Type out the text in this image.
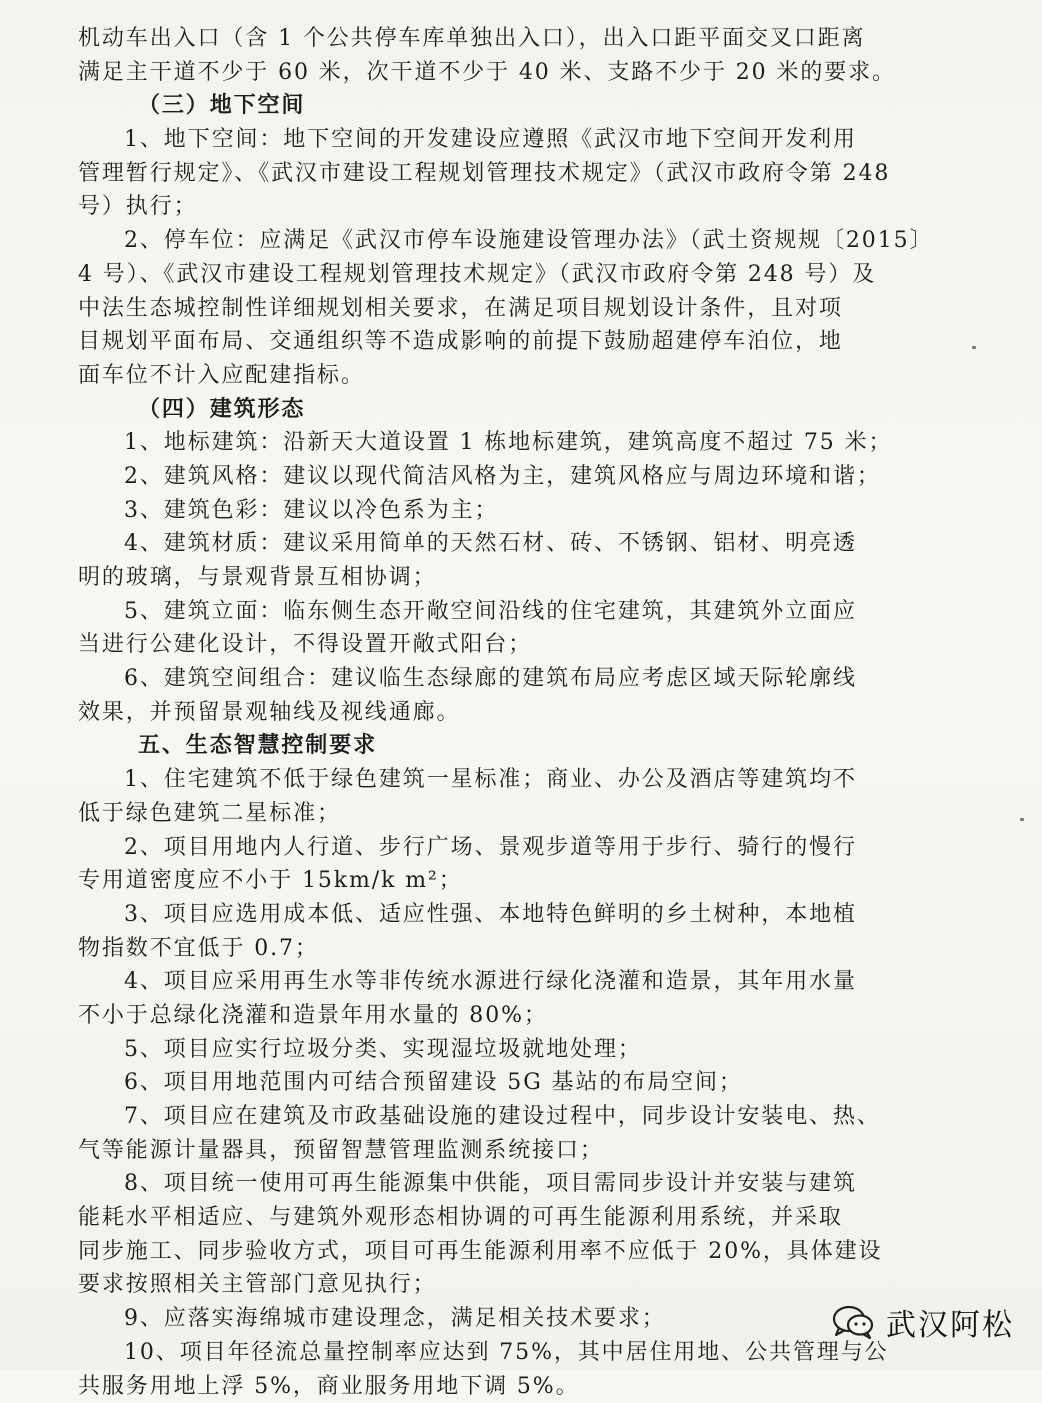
机动车出入口（含 1 个公共停车库单独出入口），出入口距平面交叉口距离
满足主干道不少于 60 米，次干道不少于 40 米、支路不少于 20 米的要求。
（三）地下空间
1、地下空间：地下空间的开发建设应遵照《武汉市地下空间开发利用
管理暂行规定》、《武汉市建设工程规划管理技术规定》（武汉市政府令第 248
号）执行；
2、停车位：应满足《武汉市停车设施建设管理办法》（武土资规规〔2015〕
4 号）、《武汉市建设工程规划管理技术规定》（武汉市政府令第 248 号）及
中法生态城控制性详细规划相关要求，在满足项目规划设计条件，且对项
目规划平面布局、交通组织等不造成影响的前提下鼓励超建停车泊位，地
面车位不计入应配建指标。
（四）建筑形态
1、地标建筑：沿新天大道设置 1 栋地标建筑，建筑高度不超过 75 米；
2、建筑风格：建议以现代简洁风格为主，建筑风格应与周边环境和谐；
3、建筑色彩：建议以冷色系为主；
4、建筑材质：建议采用简单的天然石材、砖、不锈钢、铝材、明亮透
明的玻璃，与景观背景互相协调；
5、建筑立面：临东侧生态开敞空间沿线的住宅建筑，其建筑外立面应
当进行公建化设计，不得设置开敞式阳台；
6、建筑空间组合：建议临生态绿廊的建筑布局应考虑区域天际轮廓线
效果，并预留景观轴线及视线通廊。
五、生态智慧控制要求
1、住宅建筑不低于绿色建筑一星标准；商业、办公及酒店等建筑均不
低于绿色建筑二星标准；
2、项目用地内人行道、步行广场、景观步道等用于步行、骑行的慢行
专用道密度应不小于 15km/k m²；
3、项目应选用成本低、适应性强、本地特色鲜明的乡土树种，本地植
物指数不宜低于 0.7；
4、项目应采用再生水等非传统水源进行绿化浇灌和造景，其年用水量
不小于总绿化浇灌和造景年用水量的 80%；
5、项目应实行垃圾分类、实现湿垃圾就地处理；
6、项目用地范围内可结合预留建设 5G 基站的布局空间；
7、项目应在建筑及市政基础设施的建设过程中，同步设计安装电、热、
气等能源计量器具，预留智慧管理监测系统接口；
8、项目统一使用可再生能源集中供能，项目需同步设计并安装与建筑
能耗水平相适应、与建筑外观形态相协调的可再生能源利用系统，并采取
同步施工、同步验收方式，项目可再生能源利用率不应低于 20%，具体建设
要求按照相关主管部门意见执行；
9、应落实海绵城市建设理念，满足相关技术要求；
10、项目年径流总量控制率应达到 75%，其中居住用地、公共管理与公
共服务用地上浮 5%，商业服务用地下调 5%。
武汉阿松
